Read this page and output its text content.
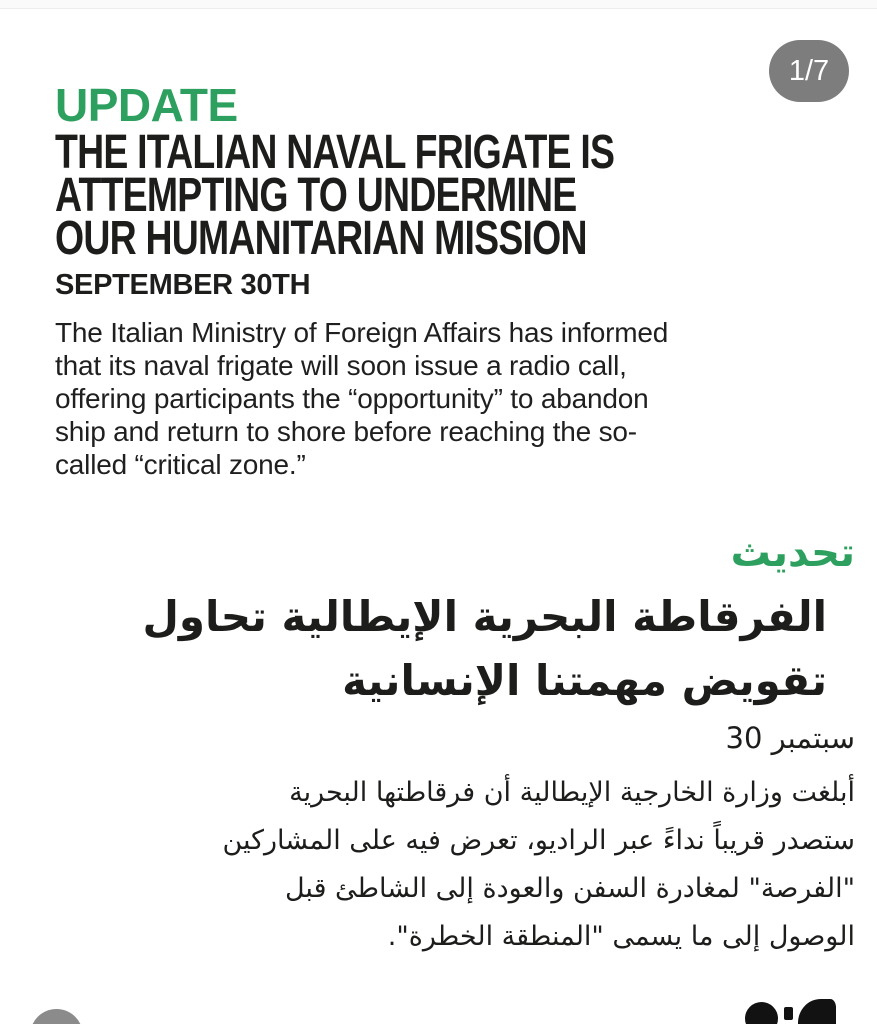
1/7
UPDATE
THE ITALIAN NAVAL FRIGATE IS
ATTEMPTING TO UNDERMINE
OUR HUMANITARIAN MISSION
SEPTEMBER 30TH
The Italian Ministry of Foreign Affairs has informed
that its naval frigate will soon issue a radio call,
offering participants the “opportunity” to abandon
ship and return to shore before reaching the so-
called “critical zone.”
تحديث
الفرقاطة البحرية الإيطالية تحاول
تقويض مهمتنا الإنسانية
سبتمبر 30
أبلغت وزارة الخارجية الإيطالية أن فرقاطتها البحرية
ستصدر قريباً نداءً عبر الراديو، تعرض فيه على المشاركين
"الفرصة" لمغادرة السفن والعودة إلى الشاطئ قبل
الوصول إلى ما يسمى "المنطقة الخطرة".
